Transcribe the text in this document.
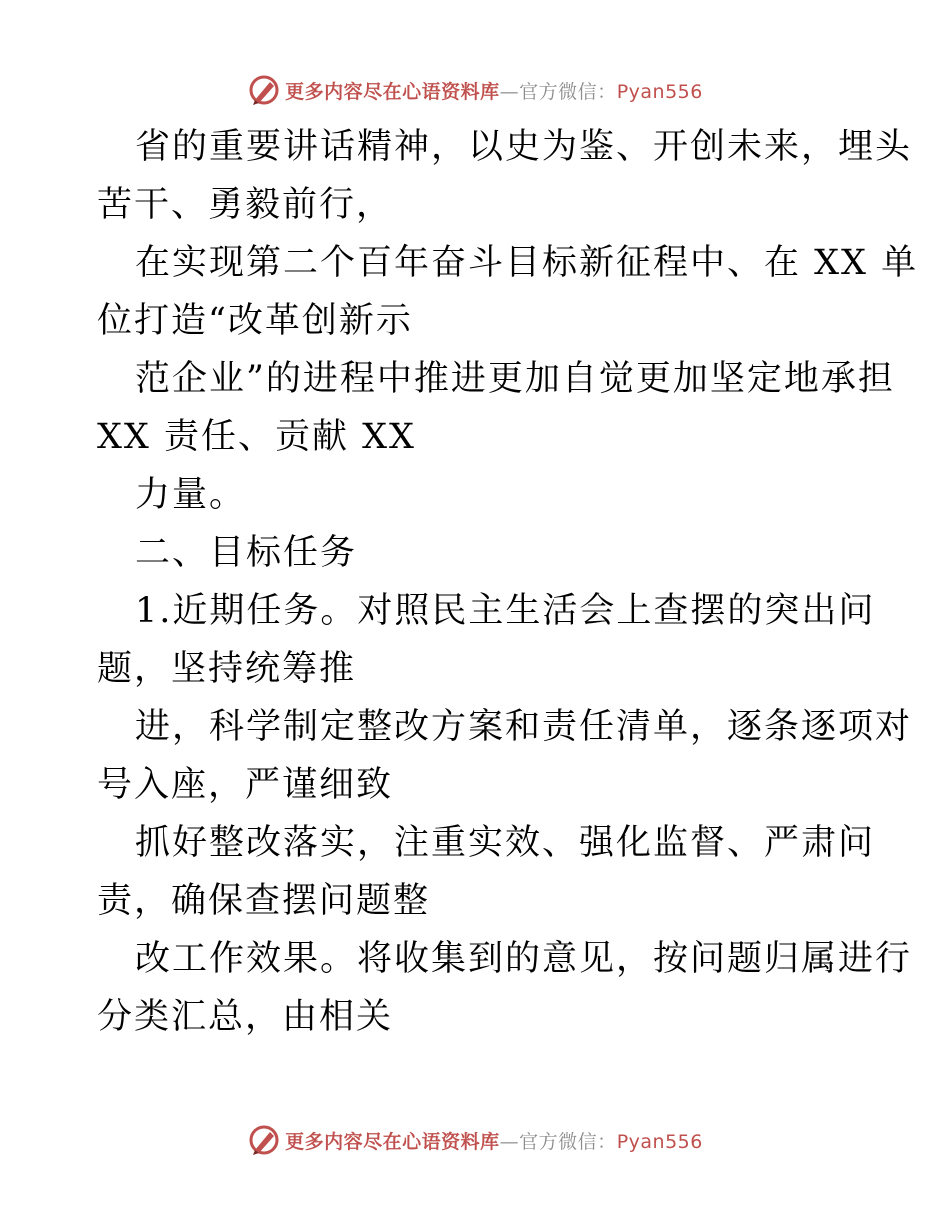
更多内容尽在心语资料库—官方微信：Pyan556
省的重要讲话精神，以史为鉴、开创未来，埋头
苦干、勇毅前行，
在实现第二个百年奋斗目标新征程中、在 XX 单
位打造“改革创新示
范企业”的进程中推进更加自觉更加坚定地承担
XX 责任、贡献 XX
力量。
二、目标任务
1.近期任务。对照民主生活会上查摆的突出问
题，坚持统筹推
进，科学制定整改方案和责任清单，逐条逐项对
号入座，严谨细致
抓好整改落实，注重实效、强化监督、严肃问
责，确保查摆问题整
改工作效果。将收集到的意见，按问题归属进行
分类汇总，由相关
更多内容尽在心语资料库—官方微信：Pyan556
